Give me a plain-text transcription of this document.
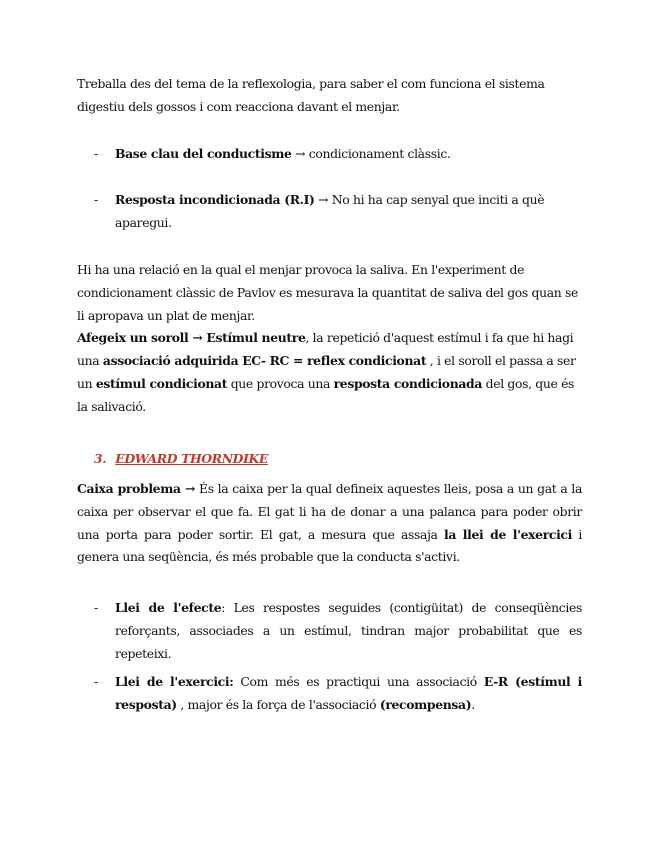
Treballa des del tema de la reflexologia, para saber el com funciona el sistema digestiu dels gossos i com reacciona davant el menjar.

- Base clau del conductisme → condicionament clàssic.
- Resposta incondicionada (R.I) → No hi ha cap senyal que inciti a què aparegui.
Hi ha una relació en la qual el menjar provoca la saliva. En l'experiment de condicionament clàssic de Pavlov es mesurava la quantitat de saliva del gos quan se li apropava un plat de menjar.
Afegeix un soroll → Estímul neutre, la repetició d'aquest estímul i fa que hi hagi una associació adquirida EC- RC = reflex condicionat , i el soroll el passa a ser un estímul condicionat que provoca una resposta condicionada del gos, que és la salivació.
3. EDWARD THORNDIKE

Caixa problema → És la caixa per la qual defineix aquestes lleis, posa a un gat a la caixa per observar el que fa. El gat li ha de donar a una palanca para poder obrir una porta para poder sortir. El gat, a mesura que assaja la llei de l'exercici i genera una seqüència, és més probable que la conducta s'activi.

- Llei de l'efecte: Les respostes seguides (contigüitat) de conseqüències reforçants, associades a un estímul, tindran major probabilitat que es repeteixi.
- Llei de l'exercici: Com més es practiqui una associació E-R (estímul i resposta) , major és la força de l'associació (recompensa).
